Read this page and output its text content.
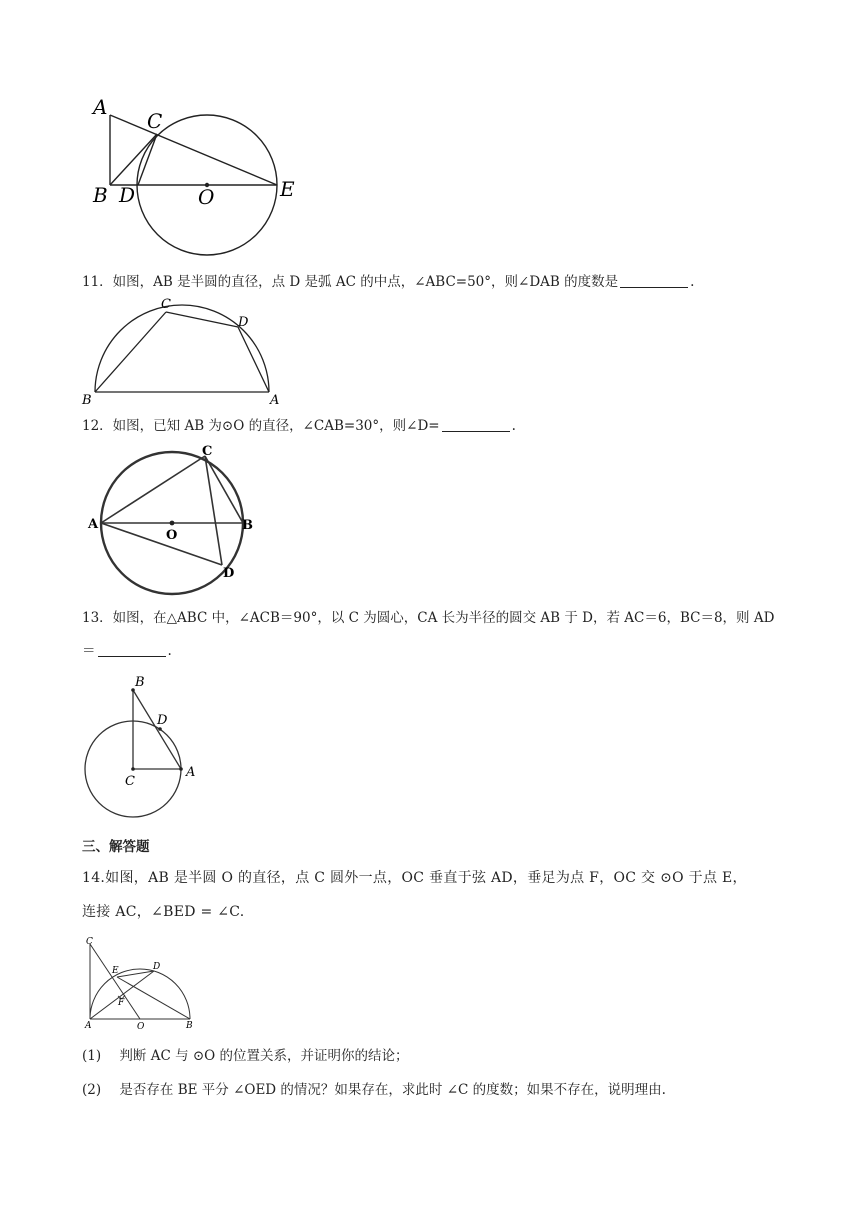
A
C
B D	O	E
11．如图，AB 是半圆的直径，点 D 是弧 AC 的中点，∠ABC=50°，则∠DAB 的度数是	.
C
D
B	A
12．如图，已知 AB 为⊙O 的直径，∠CAB=30°，则∠D=	.
C
A	B
O
D
13．如图，在△ABC 中，∠ACB＝90°，以 C 为圆心，CA 长为半径的圆交 AB 于 D，若 AC＝6，BC＝8，则 AD
＝	.
B
D
C
A
三、解答题
14.如图，AB 是半圆 O 的直径，点 C 圆外一点，OC 垂直于弦 AD，垂足为点 F，OC 交 ⊙O 于点 E，
连接 AC，∠BED = ∠C.
C
E	D
F
A	O	B
(1) 判断 AC 与 ⊙O 的位置关系，并证明你的结论；
(2) 是否存在 BE 平分 ∠OED 的情况？如果存在，求此时 ∠C 的度数；如果不存在，说明理由.
